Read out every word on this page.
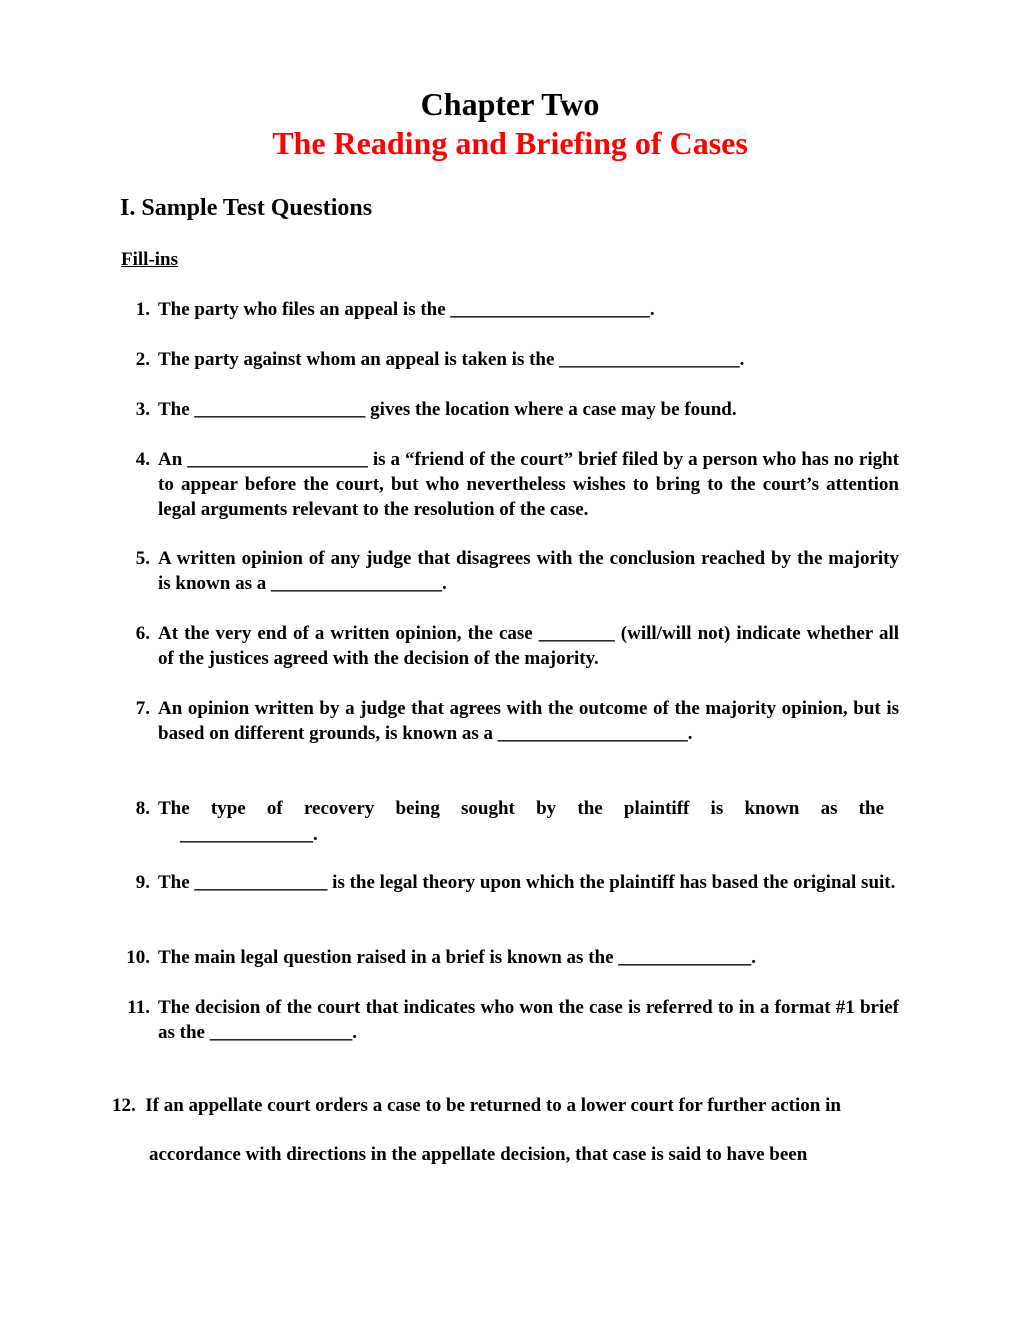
Chapter Two
The Reading and Briefing of Cases
I. Sample Test Questions
Fill-ins
1. The party who files an appeal is the _____________________.
2. The party against whom an appeal is taken is the ___________________.
3. The __________________ gives the location where a case may be found.
4. An ___________________ is a “friend of the court” brief filed by a person who has no right to appear before the court, but who nevertheless wishes to bring to the court’s attention legal arguments relevant to the resolution of the case.
5. A written opinion of any judge that disagrees with the conclusion reached by the majority is known as a __________________.
6. At the very end of a written opinion, the case ________ (will/will not) indicate whether all of the justices agreed with the decision of the majority.
7. An opinion written by a judge that agrees with the outcome of the majority opinion, but is based on different grounds, is known as a ____________________.
8. The type of recovery being sought by the plaintiff is known as the
______________.
9. The ______________ is the legal theory upon which the plaintiff has based the original suit.
10. The main legal question raised in a brief is known as the ______________.
11. The decision of the court that indicates who won the case is referred to in a format #1 brief as the _______________.
12. If an appellate court orders a case to be returned to a lower court for further action in
accordance with directions in the appellate decision, that case is said to have been
